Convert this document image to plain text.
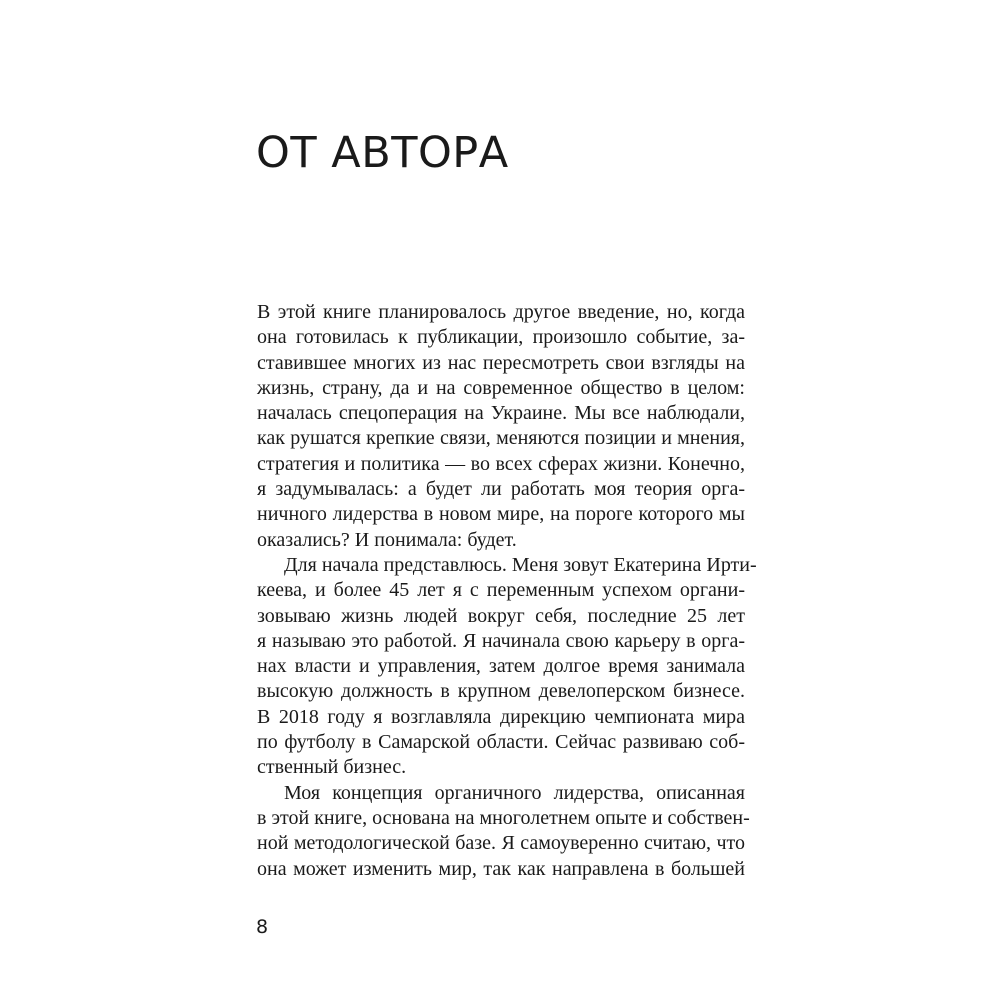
ОТ АВТОРА
В этой книге планировалось другое введение, но, когда
она готовилась к публикации, произошло событие, за-
ставившее многих из нас пересмотреть свои взгляды на
жизнь, страну, да и на современное общество в целом:
началась спецоперация на Украине. Мы все наблюдали,
как рушатся крепкие связи, меняются позиции и мнения,
стратегия и политика — во всех сферах жизни. Конечно,
я задумывалась: а будет ли работать моя теория орга-
ничного лидерства в новом мире, на пороге которого мы
оказались? И понимала: будет.
Для начала представлюсь. Меня зовут Екатерина Ирти-
кеева, и более 45 лет я с переменным успехом органи-
зовываю жизнь людей вокруг себя, последние 25 лет
я называю это работой. Я начинала свою карьеру в орга-
нах власти и управления, затем долгое время занимала
высокую должность в крупном девелоперском бизнесе.
В 2018 году я возглавляла дирекцию чемпионата мира
по футболу в Самарской области. Сейчас развиваю соб-
ственный бизнес.
Моя концепция органичного лидерства, описанная
в этой книге, основана на многолетнем опыте и собствен-
ной методологической базе. Я самоуверенно считаю, что
она может изменить мир, так как направлена в большей
8
